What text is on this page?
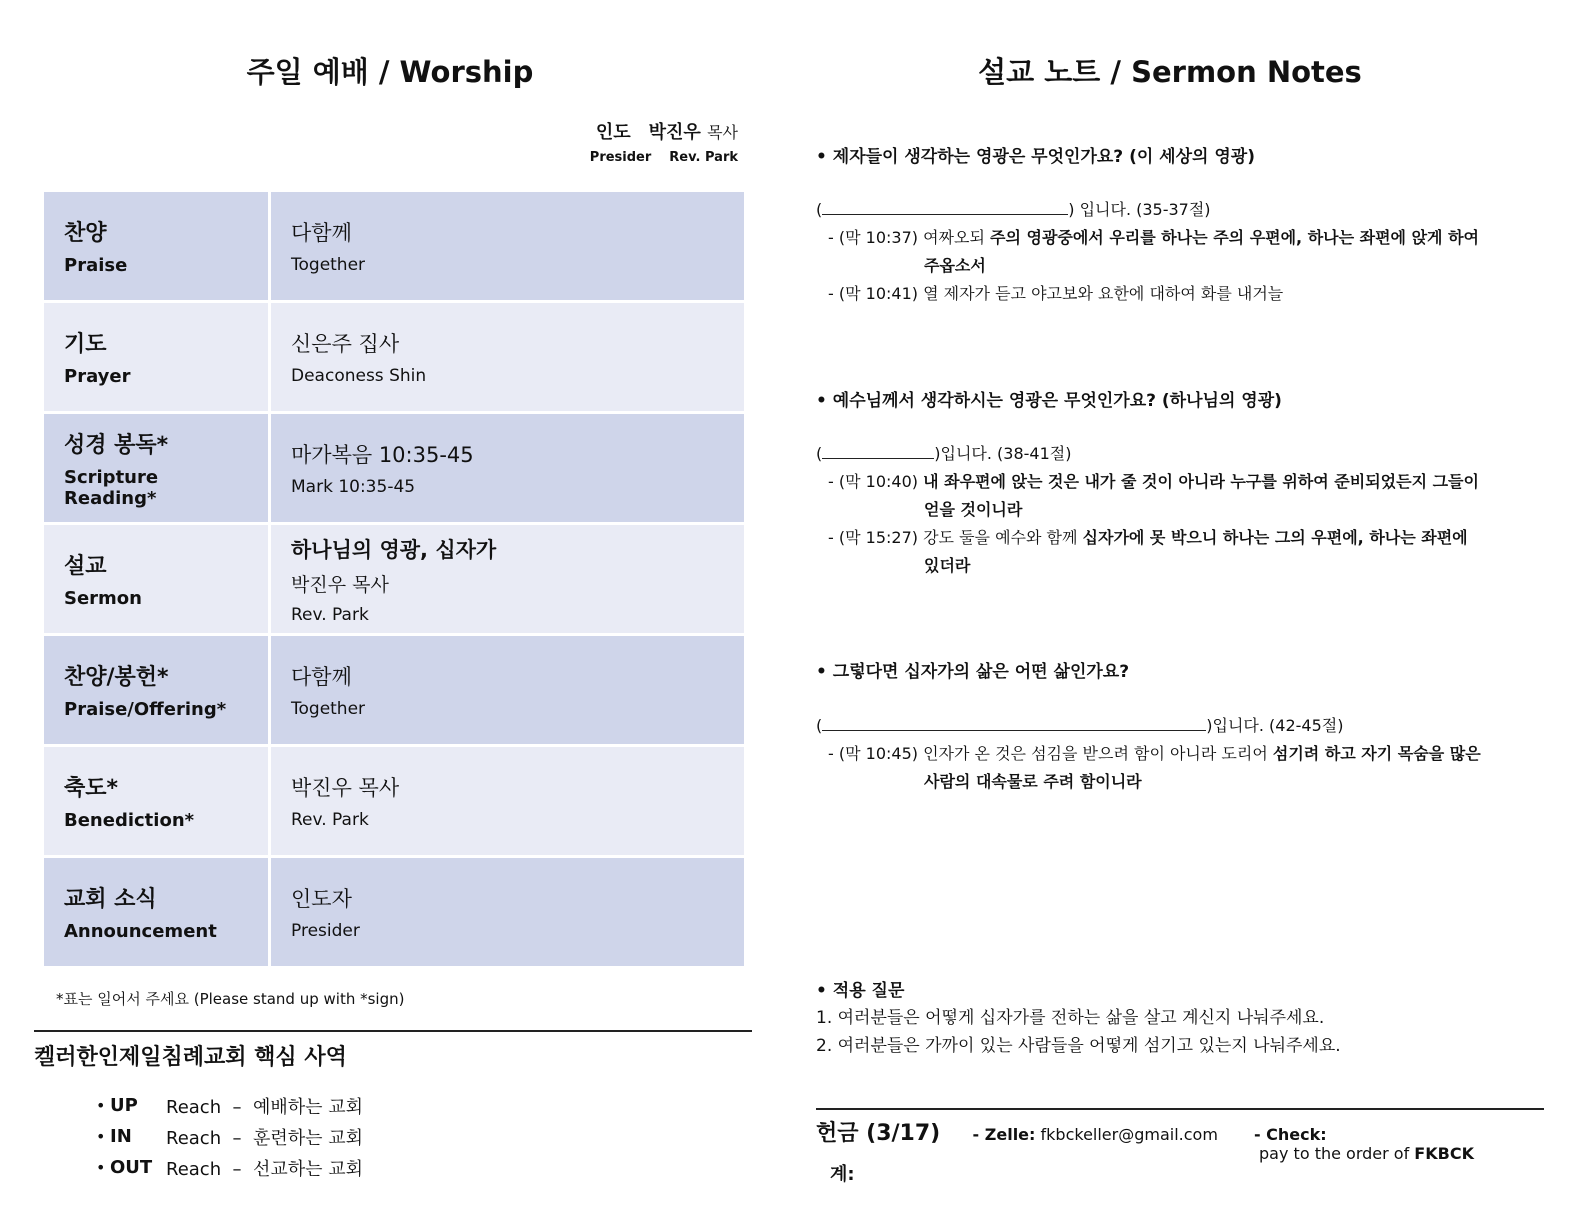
주일 예배 / Worship
인도 박진우 목사
Presider Rev. Park
찬양
Praise	다함께
Together

기도
Prayer	신은주 집사
Deaconess Shin

성경 봉독*
Scripture Reading*	마가복음 10:35-45
Mark 10:35-45

설교
Sermon	하나님의 영광, 십자가
박진우 목사
Rev. Park

찬양/봉헌*
Praise/Offering*	다함께
Together

축도*
Benediction*	박진우 목사
Rev. Park

교회 소식
Announcement	인도자
Presider
*표는 일어서 주세요 (Please stand up with *sign)
켈러한인제일침례교회 핵심 사역
• UP	Reach  –  예배하는 교회
• IN	Reach  –  훈련하는 교회
• OUT Reach  –  선교하는 교회
설교 노트 / Sermon Notes
• 제자들이 생각하는 영광은 무엇인가요? (이 세상의 영광)
(	) 입니다. (35-37절)
- (막 10:37) 여짜오되 주의 영광중에서 우리를 하나는 주의 우편에, 하나는 좌편에 앉게 하여
주옵소서
- (막 10:41) 열 제자가 듣고 야고보와 요한에 대하여 화를 내거늘
• 예수님께서 생각하시는 영광은 무엇인가요? (하나님의 영광)
(	)입니다. (38-41절)
- (막 10:40) 내 좌우편에 앉는 것은 내가 줄 것이 아니라 누구를 위하여 준비되었든지 그들이
얻을 것이니라
- (막 15:27) 강도 둘을 예수와 함께 십자가에 못 박으니 하나는 그의 우편에, 하나는 좌편에
있더라
• 그렇다면 십자가의 삶은 어떤 삶인가요?
(	)입니다. (42-45절)
- (막 10:45) 인자가 온 것은 섬김을 받으려 함이 아니라 도리어 섬기려 하고 자기 목숨을 많은
사람의 대속물로 주려 함이니라
• 적용 질문
1. 여러분들은 어떻게 십자가를 전하는 삶을 살고 계신지 나눠주세요.
2. 여러분들은 가까이 있는 사람들을 어떻게 섬기고 있는지 나눠주세요.
헌금 (3/17)	- Zelle: fkbckeller@gmail.com	- Check: pay to the order of FKBCK
계:
